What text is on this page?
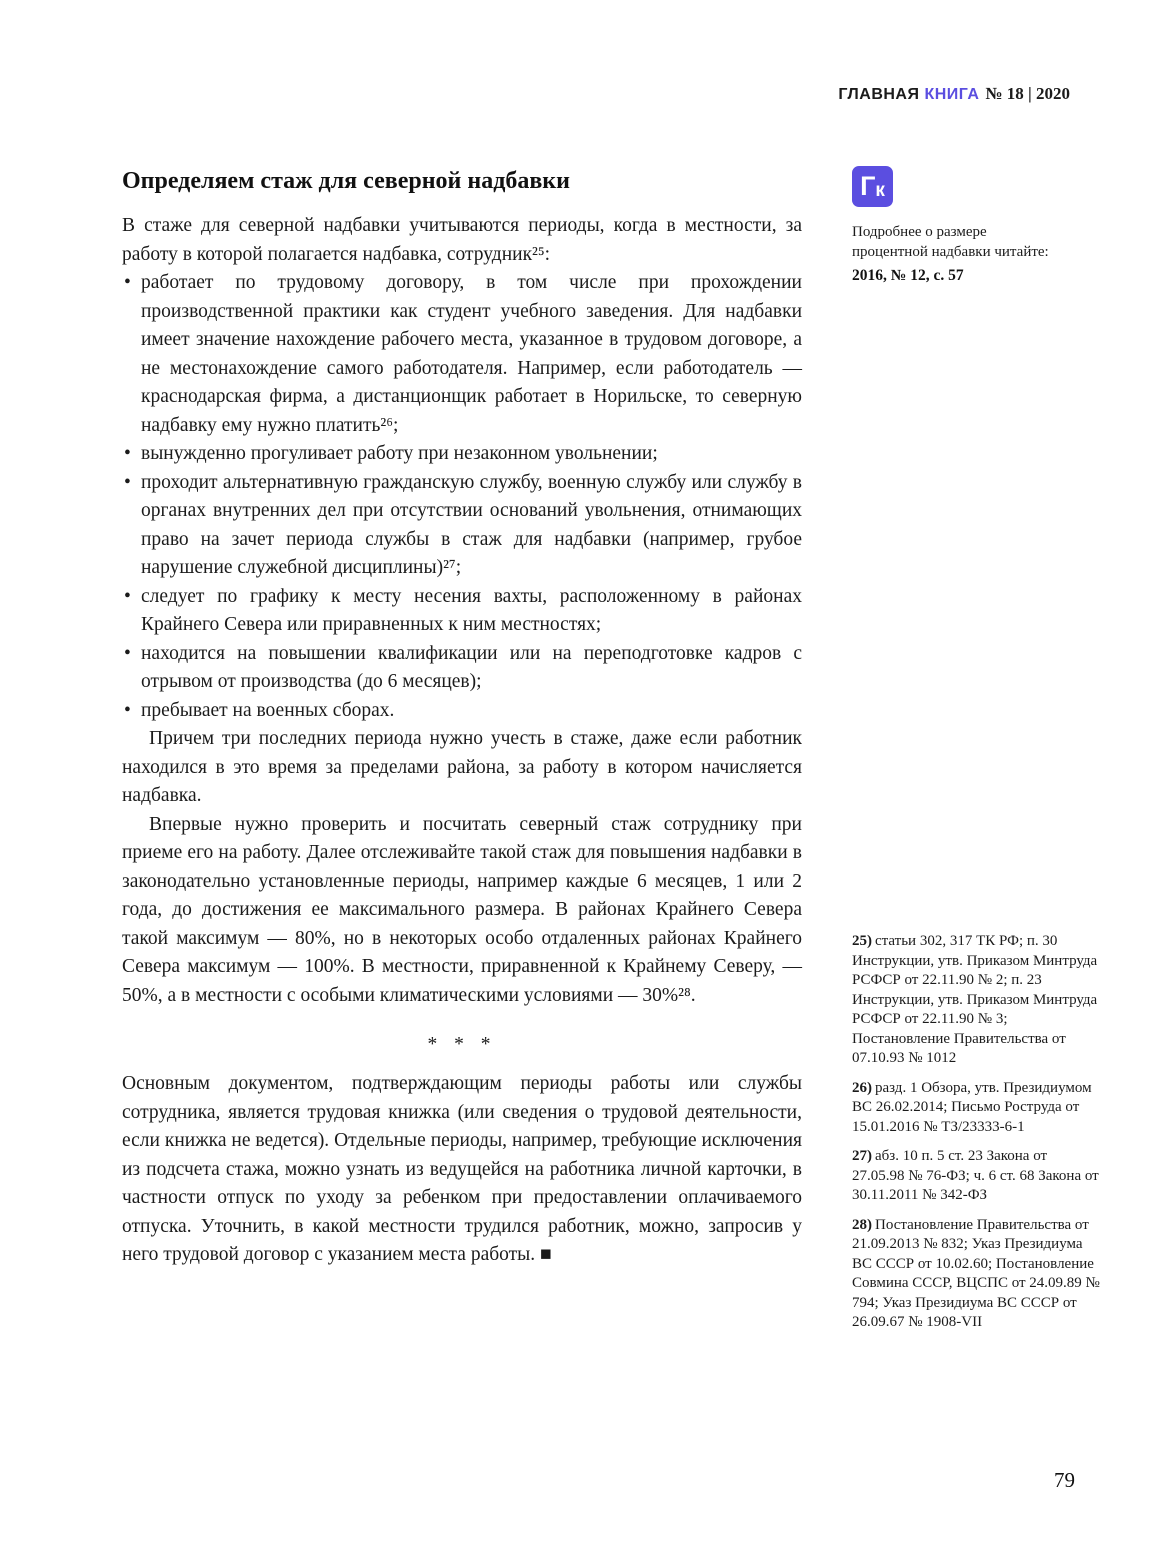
ГЛАВНАЯ КНИГА № 18 | 2020
Определяем стаж для северной надбавки

В стаже для северной надбавки учитываются периоды, когда в местности, за работу в которой полагается надбавка, сотрудник²⁵:

• работает по трудовому договору, в том числе при прохождении производственной практики как студент учебного заведения. Для надбавки имеет значение нахождение рабочего места, указанное в трудовом договоре, а не местонахождение самого работодателя. Например, если работодатель — краснодарская фирма, а дистанционщик работает в Норильске, то северную надбавку ему нужно платить²⁶;
• вынужденно прогуливает работу при незаконном увольнении;
• проходит альтернативную гражданскую службу, военную службу или службу в органах внутренних дел при отсутствии оснований увольнения, отнимающих право на зачет периода службы в стаж для надбавки (например, грубое нарушение служебной дисциплины)²⁷;
• следует по графику к месту несения вахты, расположенному в районах Крайнего Севера или приравненных к ним местностях;
• находится на повышении квалификации или на переподготовке кадров с отрывом от производства (до 6 месяцев);
• пребывает на военных сборах.

Причем три последних периода нужно учесть в стаже, даже если работник находился в это время за пределами района, за работу в котором начисляется надбавка.

Впервые нужно проверить и посчитать северный стаж сотруднику при приеме его на работу. Далее отслеживайте такой стаж для повышения надбавки в законодательно установленные периоды, например каждые 6 месяцев, 1 или 2 года, до достижения ее максимального размера. В районах Крайнего Севера такой максимум — 80%, но в некоторых особо отдаленных районах Крайнего Севера максимум — 100%. В местности, приравненной к Крайнему Северу, — 50%, а в местности с особыми климатическими условиями — 30%²⁸.

* * *

Основным документом, подтверждающим периоды работы или службы сотрудника, является трудовая книжка (или сведения о трудовой деятельности, если книжка не ведется). Отдельные периоды, например, требующие исключения из подсчета стажа, можно узнать из ведущейся на работника личной карточки, в частности отпуск по уходу за ребенком при предоставлении оплачиваемого отпуска. Уточнить, в какой местности трудился работник, можно, запросив у него трудовой договор с указанием места работы. ■

Г к

Подробнее о размере процентной надбавки читайте:

2016, № 12, с. 57

25) статьи 302, 317 ТК РФ; п. 30 Инструкции, утв. Приказом Минтруда РСФСР от 22.11.90 № 2; п. 23 Инструкции, утв. Приказом Минтруда РСФСР от 22.11.90 № 3; Постановление Правительства от 07.10.93 № 1012

26) разд. 1 Обзора, утв. Президиумом ВС 26.02.2014; Письмо Роструда от 15.01.2016 № ТЗ/23333-6-1

27) абз. 10 п. 5 ст. 23 Закона от 27.05.98 № 76-ФЗ; ч. 6 ст. 68 Закона от 30.11.2011 № 342-ФЗ

28) Постановление Правительства от 21.09.2013 № 832; Указ Президиума ВС СССР от 10.02.60; Постановление Совмина СССР, ВЦСПС от 24.09.89 № 794; Указ Президиума ВС СССР от 26.09.67 № 1908-VII

79
